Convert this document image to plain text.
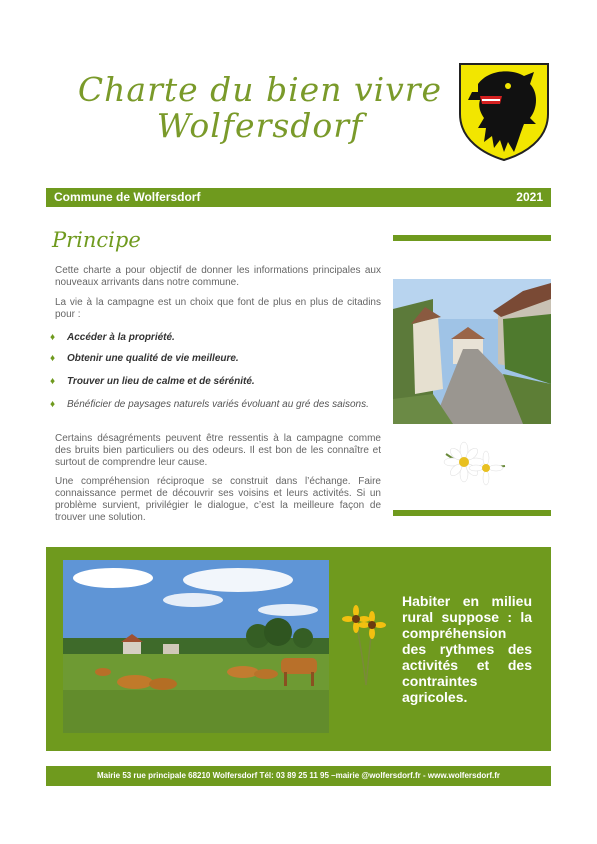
Charte du bien vivre
Wolfersdorf
Commune de Wolfersdorf	2021
Principe
Cette charte a pour objectif de donner les informations principales aux nouveaux arrivants dans notre commune.
La vie à la campagne est un choix que font de plus en plus de citadins pour :
♦ Accéder à la propriété.
♦ Obtenir une qualité de vie meilleure.
♦ Trouver un lieu de calme et de sérénité.
♦ Bénéficier de paysages naturels variés évoluant au gré des saisons.
Certains désagréments peuvent être ressentis à la campagne comme des bruits bien particuliers ou des odeurs. Il est bon de les connaître et surtout de comprendre leur cause.
Une compréhension réciproque se construit dans l’échange. Faire connaissance permet de découvrir ses voisins et leurs activités. Si un problème survient, privilégier le dialogue, c’est la meilleure façon de trouver une solution.
Habiter en milieu rural suppose : la compréhension des rythmes des activités et des contraintes agricoles.
Mairie 53 rue principale 68210 Wolfersdorf Tél: 03 89 25 11 95 –mairie @wolfersdorf.fr - www.wolfersdorf.fr
